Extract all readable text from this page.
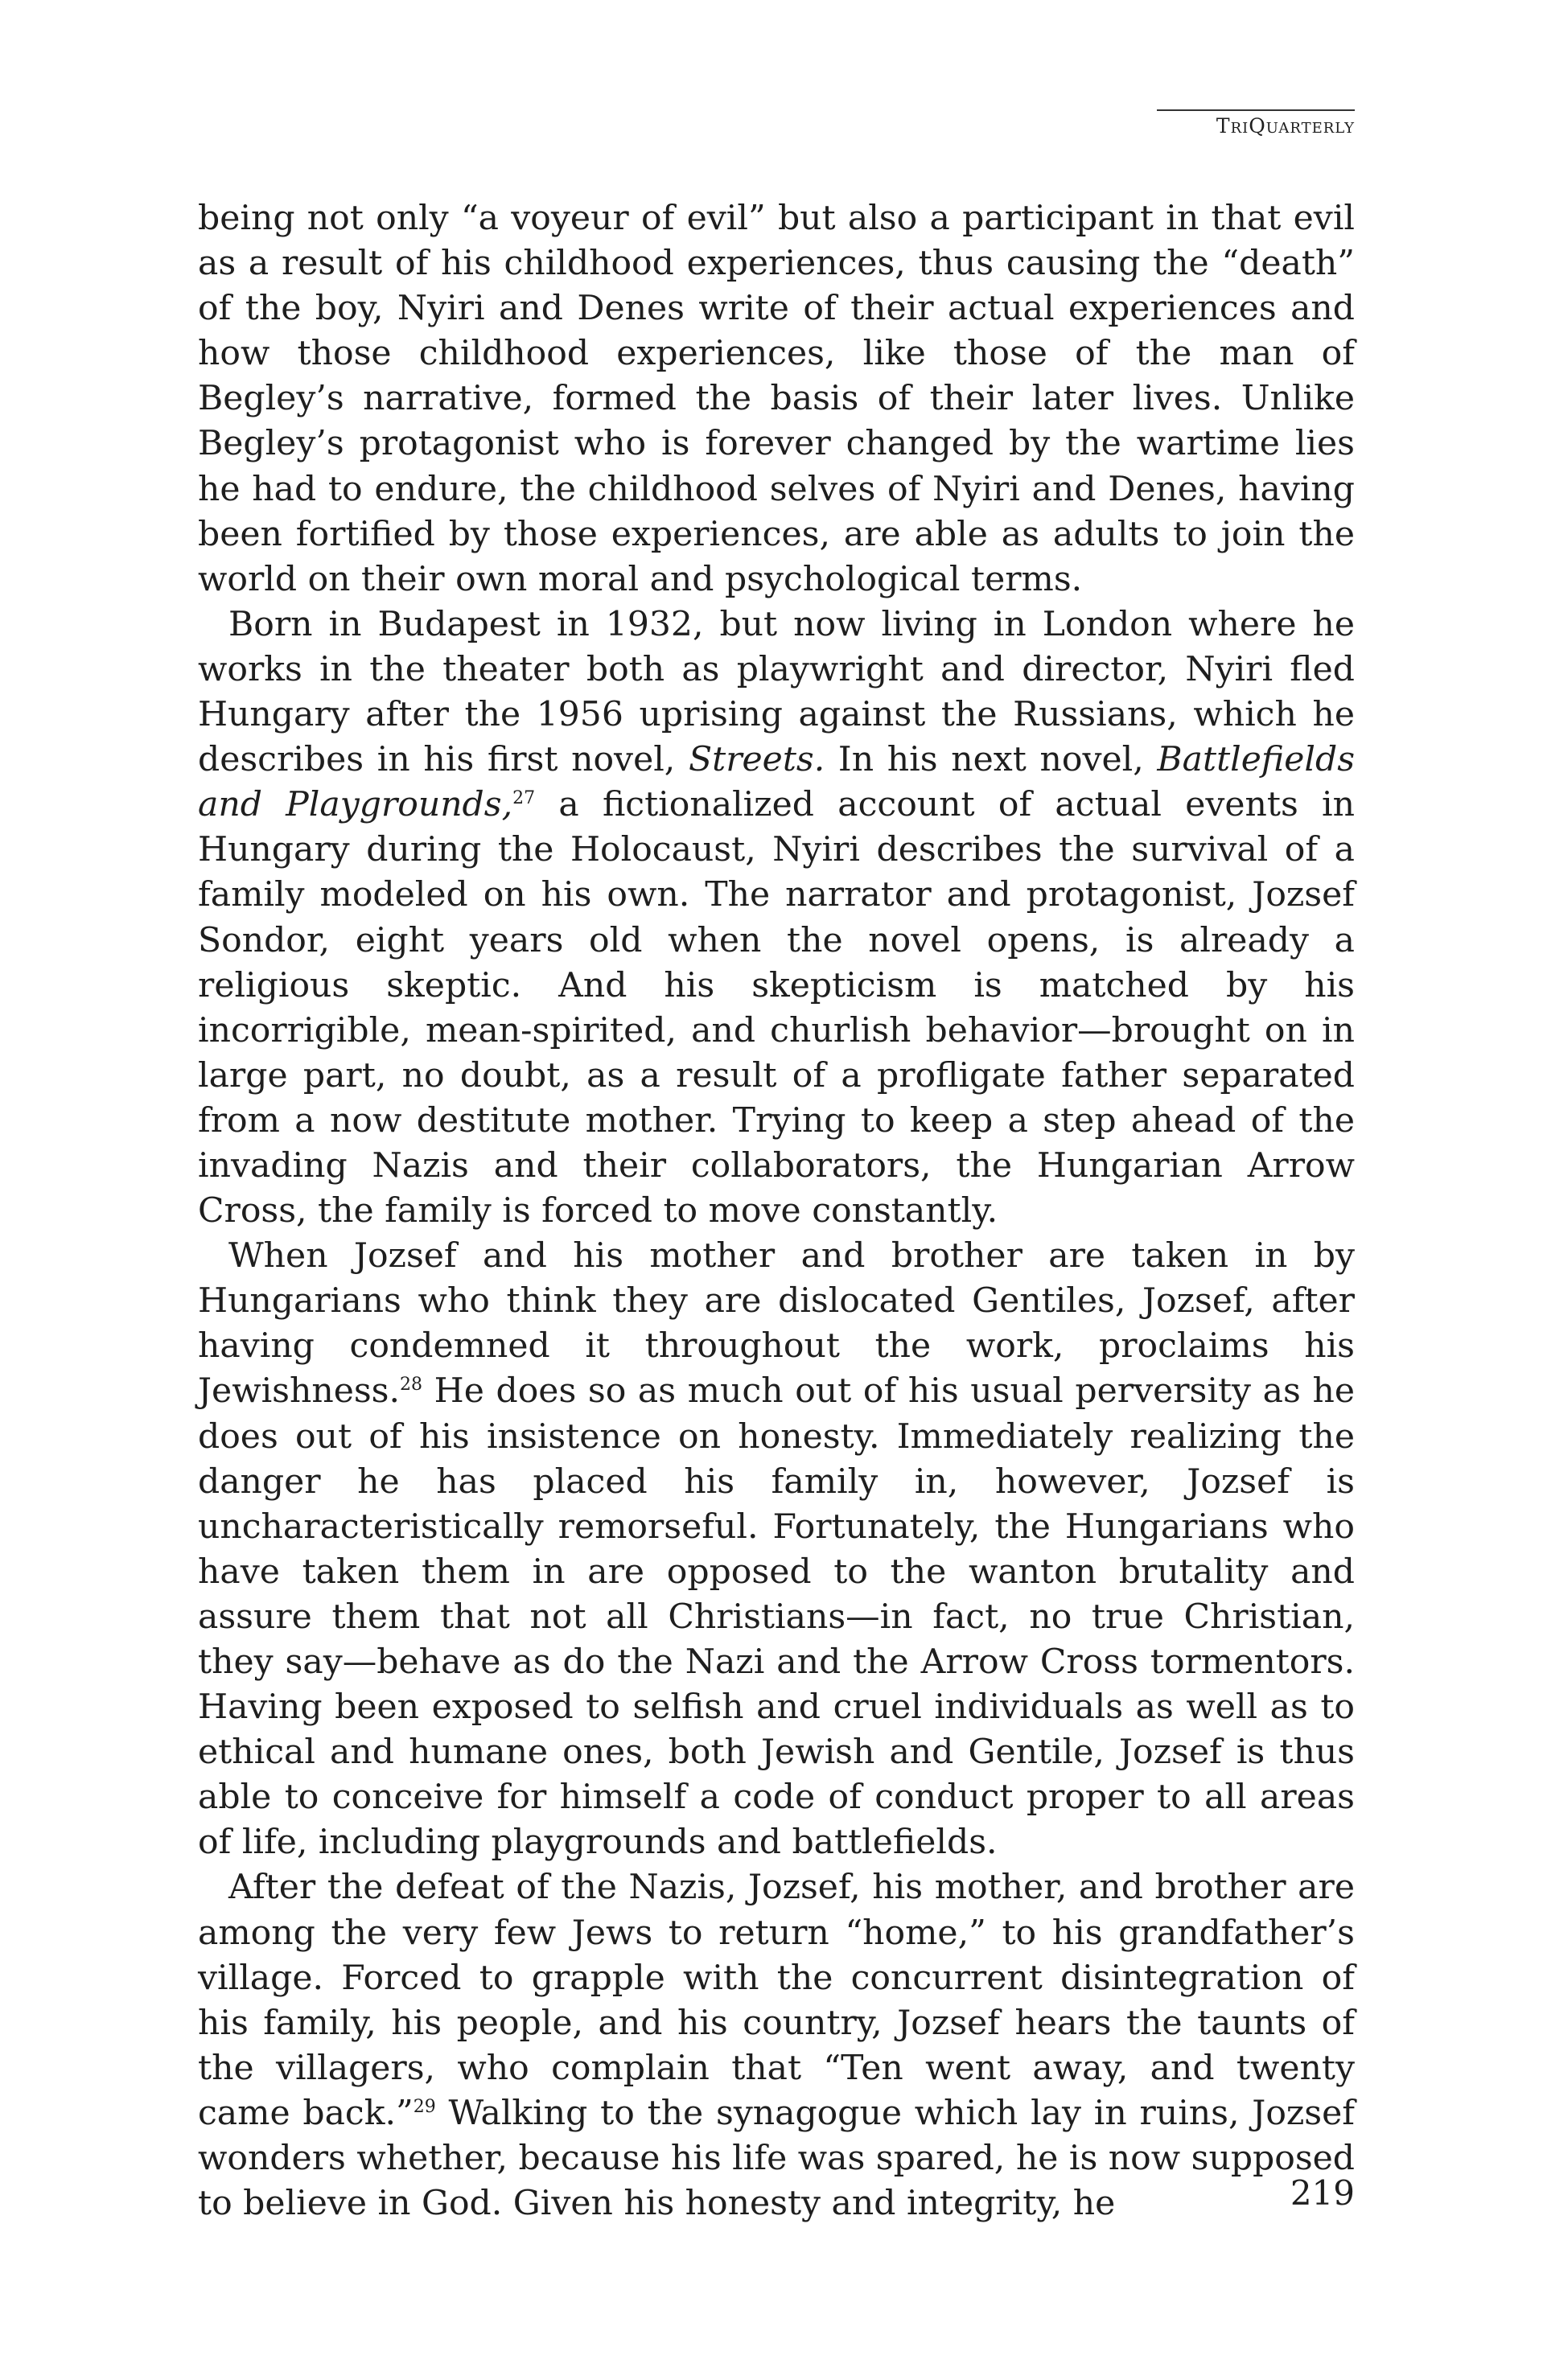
TriQuarterly

being not only “a voyeur of evil” but also a participant in that evil as a result of his childhood experiences, thus causing the “death” of the boy, Nyiri and Denes write of their actual experiences and how those childhood experiences, like those of the man of Begley’s narrative, formed the basis of their later lives. Unlike Begley’s protagonist who is forever changed by the wartime lies he had to endure, the childhood selves of Nyiri and Denes, having been fortified by those experiences, are able as adults to join the world on their own moral and psychological terms.

Born in Budapest in 1932, but now living in London where he works in the theater both as playwright and director, Nyiri fled Hungary after the 1956 uprising against the Russians, which he describes in his first novel, Streets. In his next novel, Battlefields and Playgrounds,$^{27}$ a fictionalized account of actual events in Hungary during the Holocaust, Nyiri describes the survival of a family modeled on his own. The narrator and protagonist, Jozsef Sondor, eight years old when the novel opens, is already a religious skeptic. And his skepticism is matched by his incorrigible, mean-spirited, and churlish behavior—brought on in large part, no doubt, as a result of a profligate father separated from a now destitute mother. Trying to keep a step ahead of the invading Nazis and their collaborators, the Hungarian Arrow Cross, the family is forced to move constantly.

When Jozsef and his mother and brother are taken in by Hungarians who think they are dislocated Gentiles, Jozsef, after having condemned it throughout the work, proclaims his Jewishness.$^{28}$ He does so as much out of his usual perversity as he does out of his insistence on honesty. Immediately realizing the danger he has placed his family in, however, Jozsef is uncharacteristically remorseful. Fortunately, the Hungarians who have taken them in are opposed to the wanton brutality and assure them that not all Christians—in fact, no true Christian, they say—behave as do the Nazi and the Arrow Cross tormentors. Having been exposed to selfish and cruel individuals as well as to ethical and humane ones, both Jewish and Gentile, Jozsef is thus able to conceive for himself a code of conduct proper to all areas of life, including playgrounds and battlefields.

After the defeat of the Nazis, Jozsef, his mother, and brother are among the very few Jews to return “home,” to his grandfather’s village. Forced to grapple with the concurrent disintegration of his family, his people, and his country, Jozsef hears the taunts of the villagers, who complain that “Ten went away, and twenty came back.”$^{29}$ Walking to the synagogue which lay in ruins, Jozsef wonders whether, because his life was spared, he is now supposed to believe in God. Given his honesty and integrity, he	219
